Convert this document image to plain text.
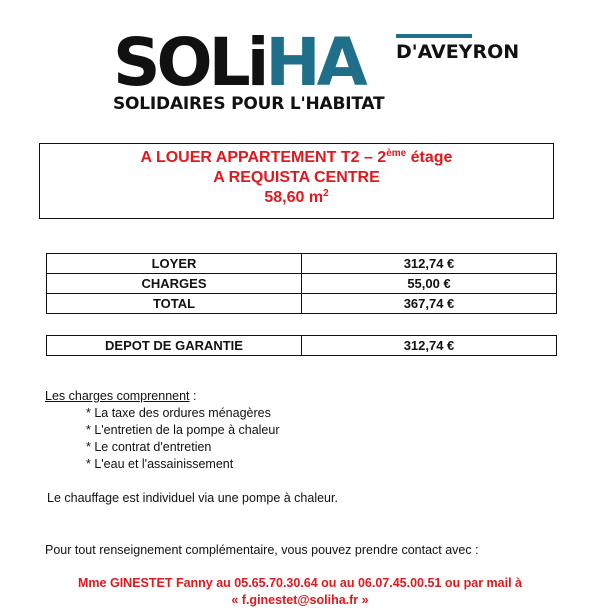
SOLiHA
SOLIDAIRES POUR L'HABITAT
D'AVEYRON
A LOUER APPARTEMENT T2 – 2ème étage
A REQUISTA CENTRE
58,60 $m^2$
LOYER	312,74 €
CHARGES	55,00 €
TOTAL	367,74 €
DEPOT DE GARANTIE	312,74 €
Les charges comprennent :
* La taxe des ordures ménagères
* L'entretien de la pompe à chaleur
* Le contrat d'entretien
* L'eau et l'assainissement
Le chauffage est individuel via une pompe à chaleur.
Pour tout renseignement complémentaire, vous pouvez prendre contact avec :
Mme GINESTET Fanny au 05.65.70.30.64 ou au 06.07.45.00.51 ou par mail à
« f.ginestet@soliha.fr »
